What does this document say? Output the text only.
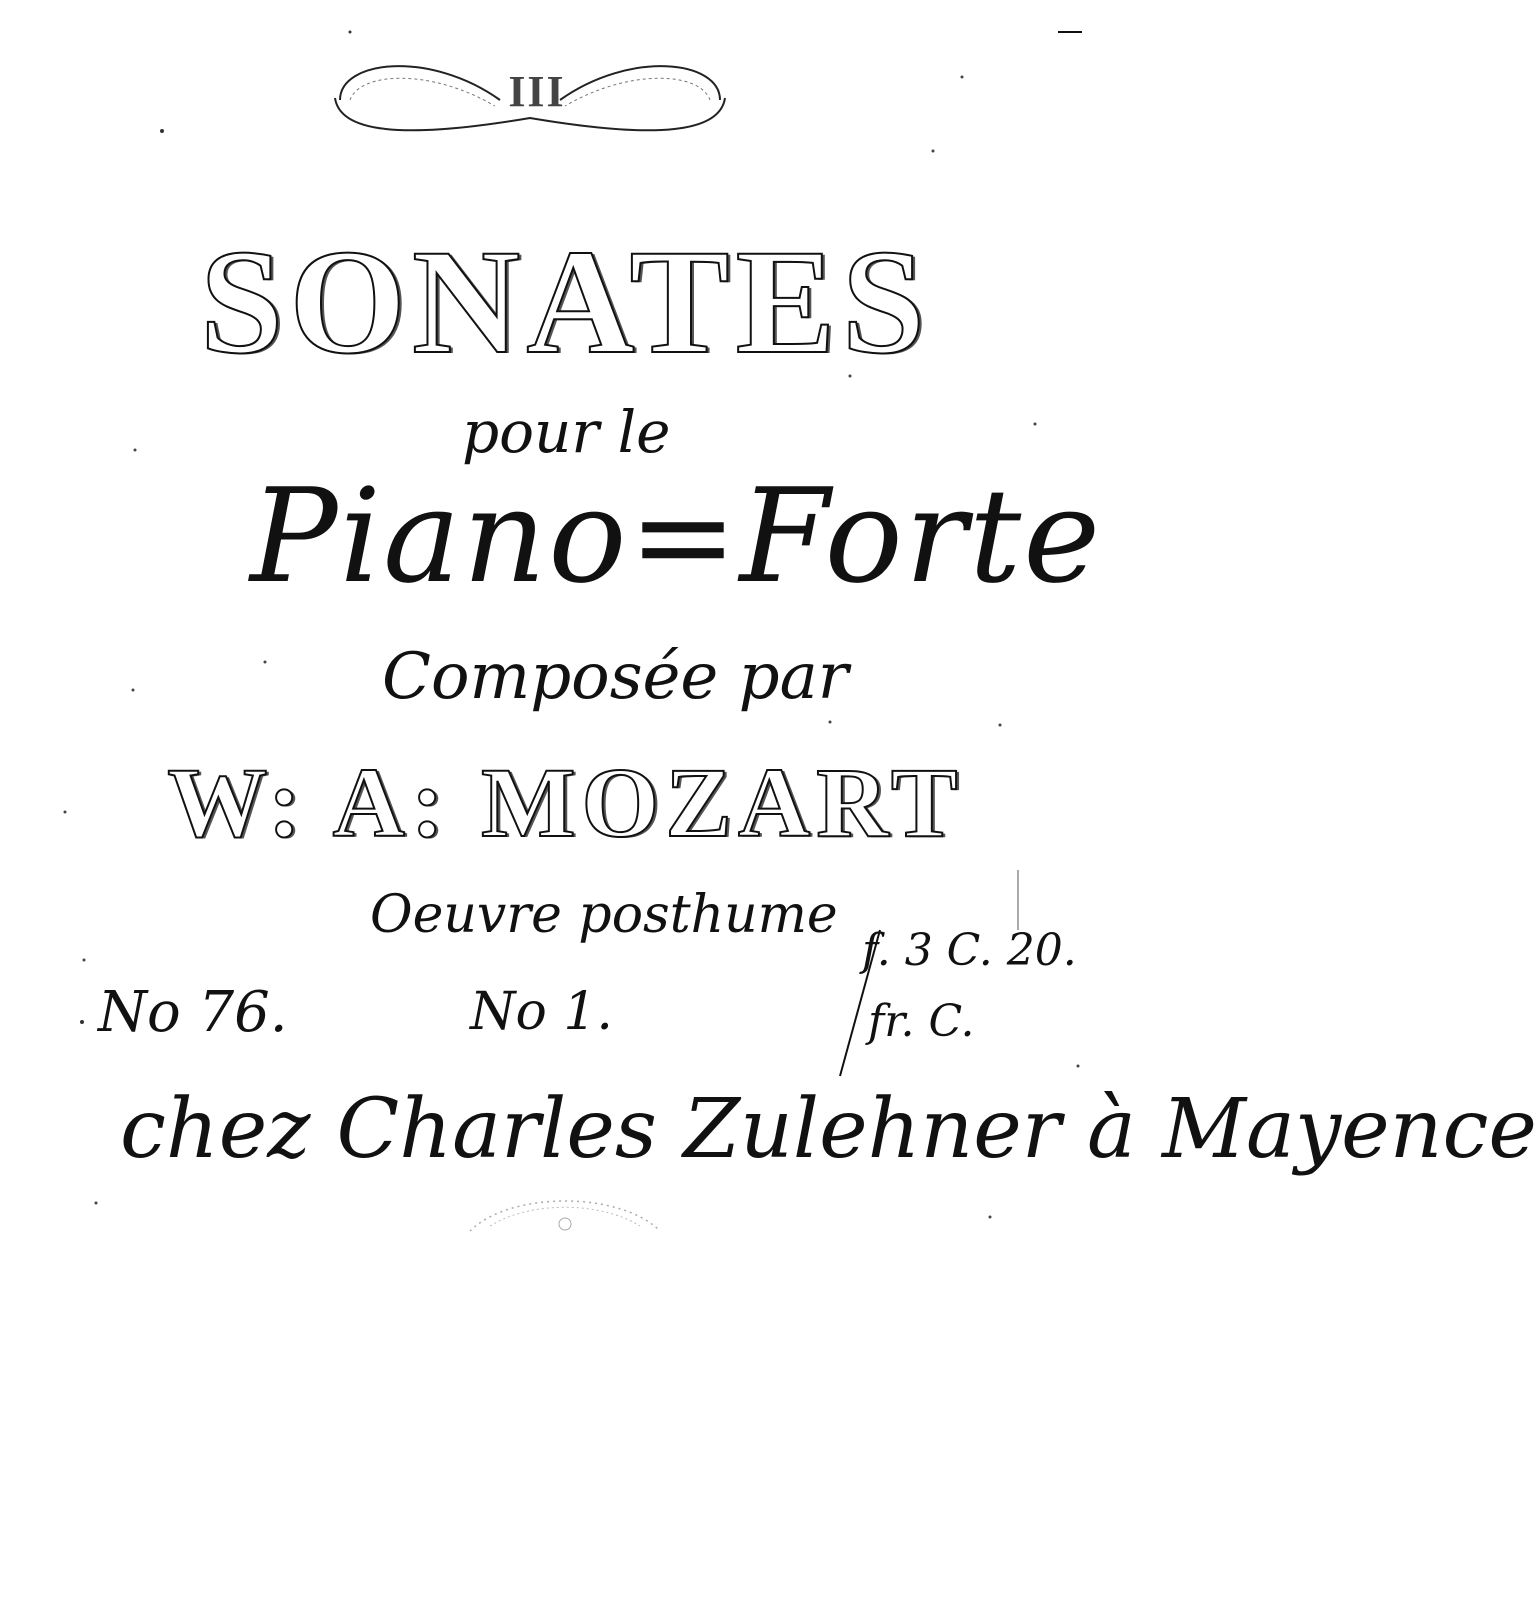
III
SONATES
pour le
Piano=Forte
Composée par
W: A: MOZART
Oeuvre posthume
No 76.	No 1.
f. 3 C. 20.
fr. C.
chez Charles Zulehner à Mayence
